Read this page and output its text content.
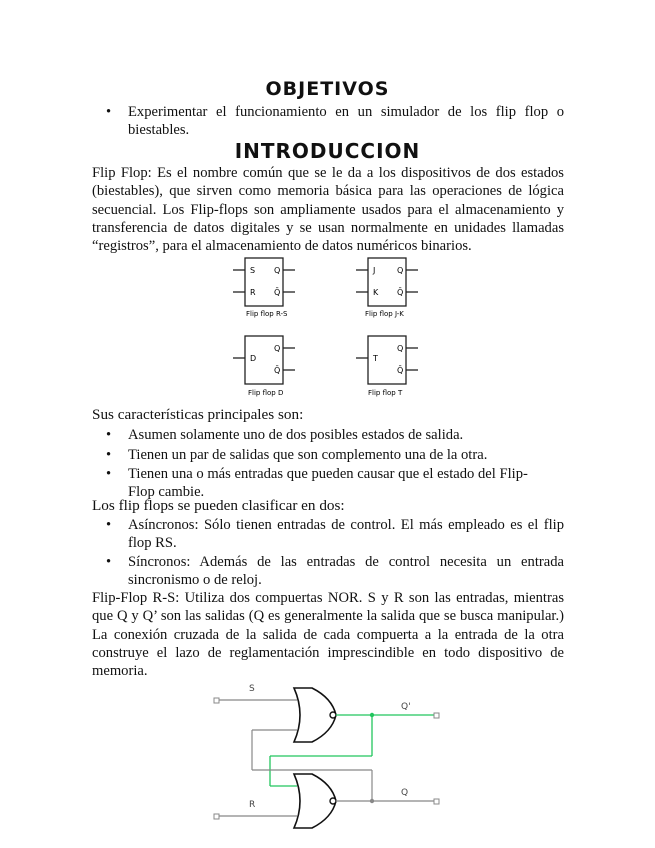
OBJETIVOS
• Experimentar el funcionamiento en un simulador de los flip flop o biestables.
INTRODUCCION

Flip Flop: Es el nombre común que se le da a los dispositivos de dos estados (biestables), que sirven como memoria básica para las operaciones de lógica secuencial. Los Flip-flops son ampliamente usados para el almacenamiento y transferencia de datos digitales y se usan normalmente en unidades llamadas “registros”, para el almacenamiento de datos numéricos binarios.

S
R
Q
Q̄
Flip flop R-S
J
K
Q
Q̄
Flip flop J-K
D
Q
Q̄
Flip flop D
T
Q
Q̄
Flip flop T

Sus características principales son:

• Asumen solamente uno de dos posibles estados de salida.
• Tienen un par de salidas que son complemento una de la otra.
• Tienen una o más entradas que pueden causar que el estado del Flip-Flop cambie.

Los flip flops se pueden clasificar en dos:

• Asíncronos: Sólo tienen entradas de control. El más empleado es el flip flop RS.
• Síncronos: Además de las entradas de control necesita un entrada sincronismo o de reloj.

Flip-Flop R-S: Utiliza dos compuertas NOR. S y R son las entradas, mientras que Q y Q’ son las salidas (Q es generalmente la salida que se busca manipular.) La conexión cruzada de la salida de cada compuerta a la entrada de la otra construye el lazo de reglamentación imprescindible en todo dispositivo de memoria.

S
R
Q'
Q
